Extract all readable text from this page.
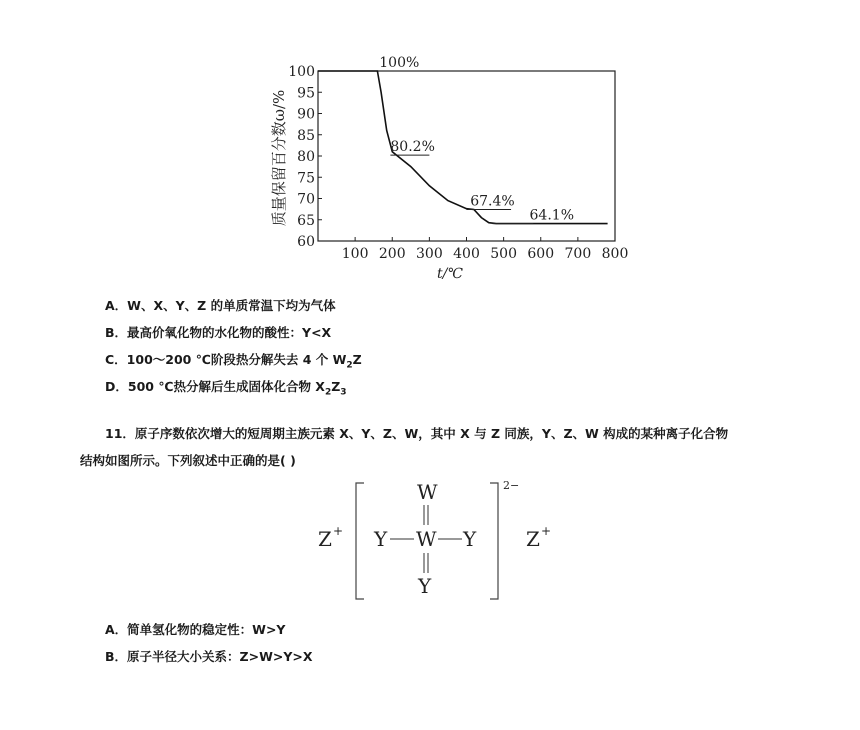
100 200 300 400 500 600 700 800
100
95
90
85
80
75
70
65
60
100%
80.2%
67.4%
64.1%
质量保留百分数ω/%
t/℃
A．W、X、Y、Z 的单质常温下均为气体
B．最高价氧化物的水化物的酸性：Y<X
C．100～200 ℃阶段热分解失去 4 个 $W_2Z$
D．500 ℃热分解后生成固体化合物 $X_2Z_3$
11．原子序数依次增大的短周期主族元素 X、Y、Z、W，其中 X 与 Z 同族，Y、Z、W 构成的某种离子化合物
结构如图所示。下列叙述中正确的是( )
Z +
W
Y W Y
Y
2−
Z +
A．简单氢化物的稳定性：W>Y
B．原子半径大小关系：Z>W>Y>X
